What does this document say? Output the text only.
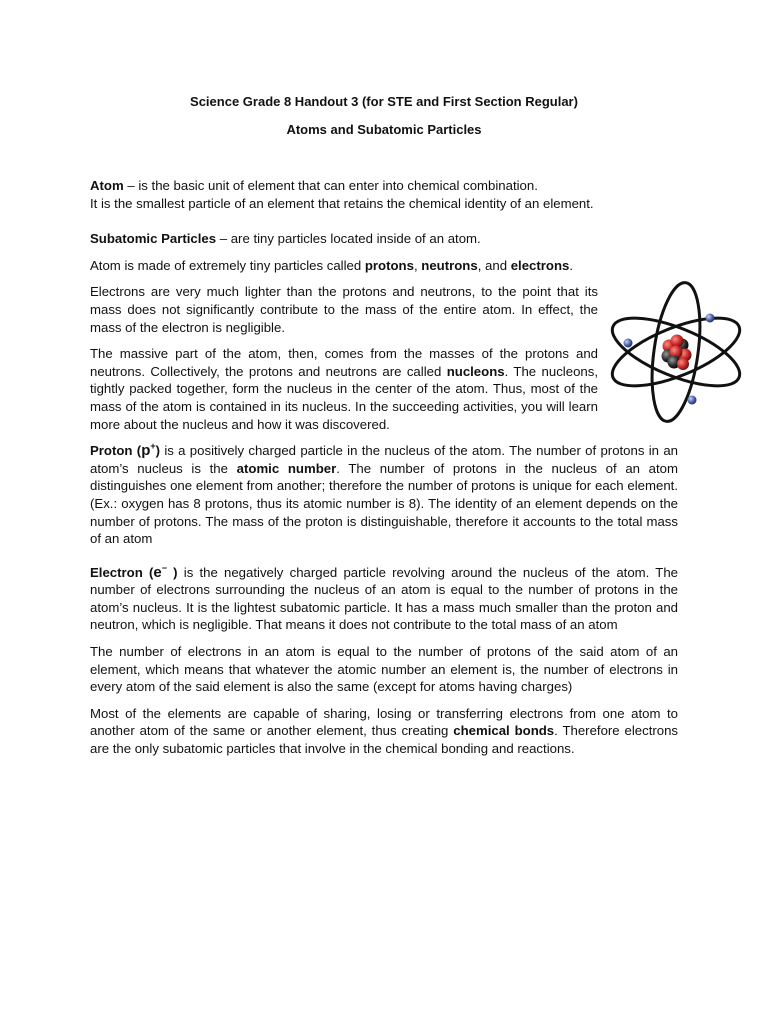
Science Grade 8 Handout 3 (for STE and First Section Regular)

Atoms and Subatomic Particles

Atom – is the basic unit of element that can enter into chemical combination.
It is the smallest particle of an element that retains the chemical identity of an element.

Subatomic Particles – are tiny particles located inside of an atom.

Atom is made of extremely tiny particles called protons, neutrons, and electrons.

Electrons are very much lighter than the protons and neutrons, to the point that its mass does not significantly contribute to the mass of the entire atom. In effect, the mass of the electron is negligible.

The massive part of the atom, then, comes from the masses of the protons and neutrons. Collectively, the protons and neutrons are called nucleons. The nucleons, tightly packed together, form the nucleus in the center of the atom. Thus, most of the mass of the atom is contained in its nucleus. In the succeeding activities, you will learn more about the nucleus and how it was discovered.

Proton (p+) is a positively charged particle in the nucleus of the atom. The number of protons in an atom’s nucleus is the atomic number. The number of protons in the nucleus of an atom distinguishes one element from another; therefore the number of protons is unique for each element. (Ex.: oxygen has 8 protons, thus its atomic number is 8). The identity of an element depends on the number of protons. The mass of the proton is distinguishable, therefore it accounts to the total mass of an atom

Electron (e− ) is the negatively charged particle revolving around the nucleus of the atom. The number of electrons surrounding the nucleus of an atom is equal to the number of protons in the atom’s nucleus. It is the lightest subatomic particle. It has a mass much smaller than the proton and neutron, which is negligible. That means it does not contribute to the total mass of an atom

The number of electrons in an atom is equal to the number of protons of the said atom of an element, which means that whatever the atomic number an element is, the number of electrons in every atom of the said element is also the same (except for atoms having charges)

Most of the elements are capable of sharing, losing or transferring electrons from one atom to another atom of the same or another element, thus creating chemical bonds. Therefore electrons are the only subatomic particles that involve in the chemical bonding and reactions.
